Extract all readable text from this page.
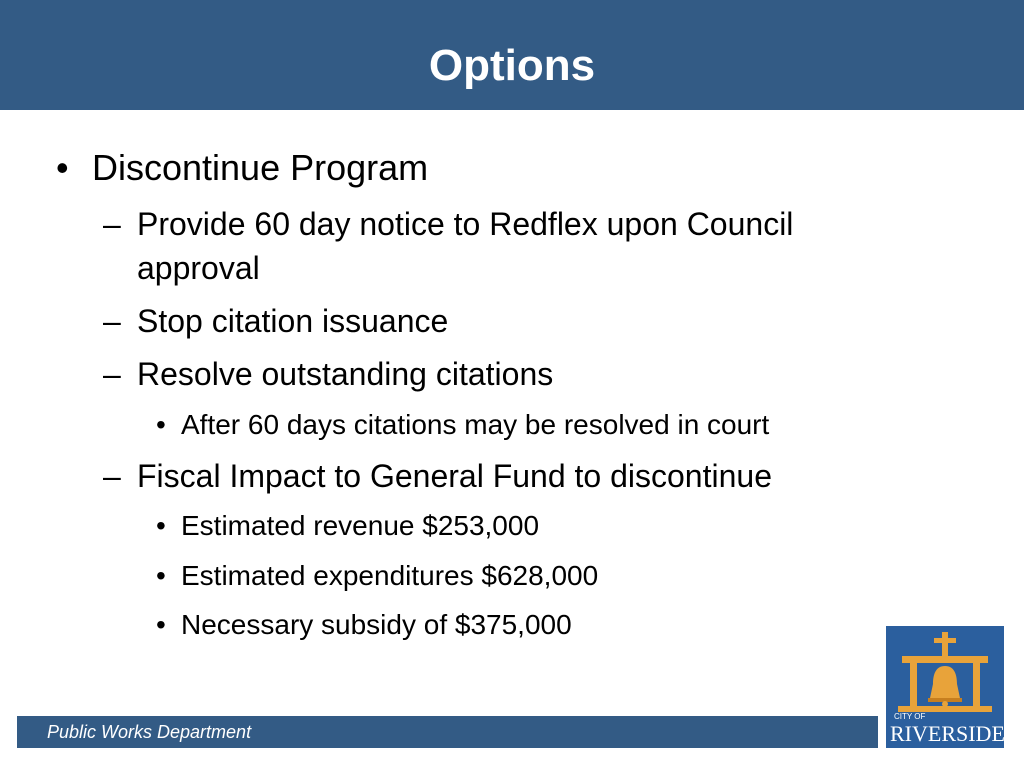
Options
• Discontinue Program
– Provide 60 day notice to Redflex upon Council
approval
– Stop citation issuance
– Resolve outstanding citations
• After 60 days citations may be resolved in court
– Fiscal Impact to General Fund to discontinue
• Estimated revenue $253,000
• Estimated expenditures $628,000
• Necessary subsidy of $375,000
Public Works Department
CITY OF
RIVERSIDE
